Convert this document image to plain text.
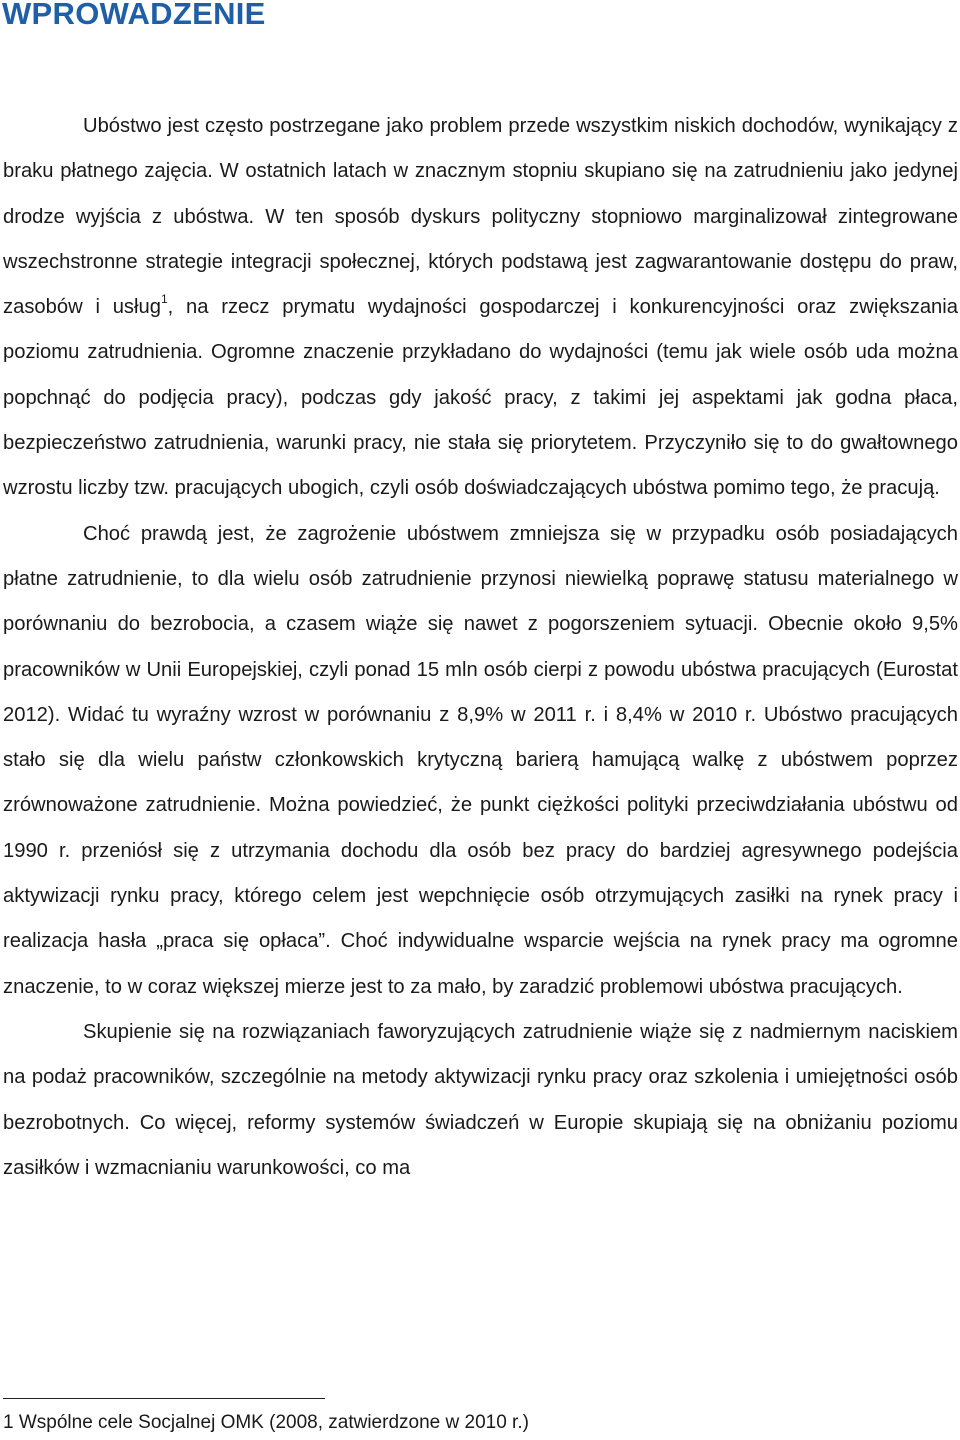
WPROWADZENIE

Ubóstwo jest często postrzegane jako problem przede wszystkim niskich dochodów, wynikający z braku płatnego zajęcia. W ostatnich latach w znacznym stopniu skupiano się na zatrudnieniu jako jedynej drodze wyjścia z ubóstwa. W ten sposób dyskurs polityczny stopniowo marginalizował zintegrowane wszechstronne strategie integracji społecznej, których podstawą jest zagwarantowanie dostępu do praw, zasobów i usług$^1$, na rzecz prymatu wydajności gospodarczej i konkurencyjności oraz zwiększania poziomu zatrudnienia. Ogromne znaczenie przykładano do wydajności (temu jak wiele osób uda można popchnąć do podjęcia pracy), podczas gdy jakość pracy, z takimi jej aspektami jak godna płaca, bezpieczeństwo zatrudnienia, warunki pracy, nie stała się priorytetem. Przyczyniło się to do gwałtownego wzrostu liczby tzw. pracujących ubogich, czyli osób doświadczających ubóstwa pomimo tego, że pracują.

Choć prawdą jest, że zagrożenie ubóstwem zmniejsza się w przypadku osób posiadających płatne zatrudnienie, to dla wielu osób zatrudnienie przynosi niewielką poprawę statusu materialnego w porównaniu do bezrobocia, a czasem wiąże się nawet z pogorszeniem sytuacji. Obecnie około 9,5% pracowników w Unii Europejskiej, czyli ponad 15 mln osób cierpi z powodu ubóstwa pracujących (Eurostat 2012). Widać tu wyraźny wzrost w porównaniu z 8,9% w 2011 r. i 8,4% w 2010 r. Ubóstwo pracujących stało się dla wielu państw członkowskich krytyczną barierą hamującą walkę z ubóstwem poprzez zrównoważone zatrudnienie. Można powiedzieć, że punkt ciężkości polityki przeciwdziałania ubóstwu od 1990 r. przeniósł się z utrzymania dochodu dla osób bez pracy do bardziej agresywnego podejścia aktywizacji rynku pracy, którego celem jest wepchnięcie osób otrzymujących zasiłki na rynek pracy i realizacja hasła „praca się opłaca”. Choć indywidualne wsparcie wejścia na rynek pracy ma ogromne znaczenie, to w coraz większej mierze jest to za mało, by zaradzić problemowi ubóstwa pracujących.

Skupienie się na rozwiązaniach faworyzujących zatrudnienie wiąże się z nadmiernym naciskiem na podaż pracowników, szczególnie na metody aktywizacji rynku pracy oraz szkolenia i umiejętności osób bezrobotnych. Co więcej, reformy systemów świadczeń w Europie skupiają się na obniżaniu poziomu zasiłków i wzmacnianiu warunkowości, co ma

1 Wspólne cele Socjalnej OMK (2008, zatwierdzone w 2010 r.)
